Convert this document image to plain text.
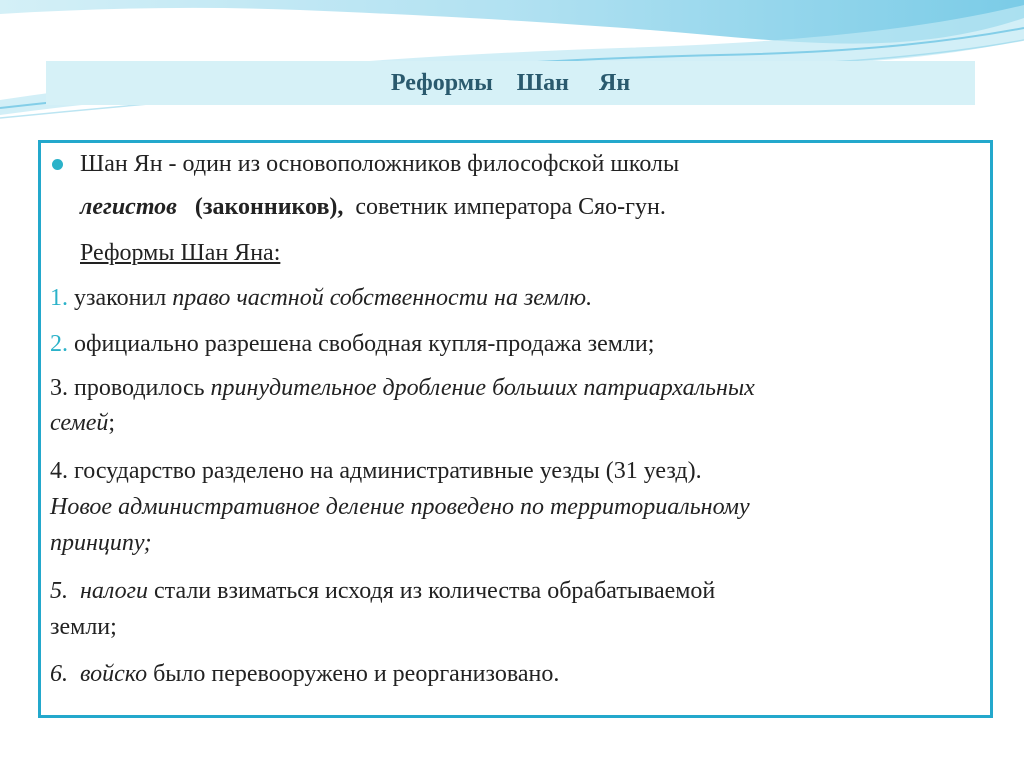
Реформы    Шан     Ян
Шан Ян - один из основоположников философской школы
легистов (законников), советник императора Сяо-гун.
Реформы Шан Яна:
1. узаконил право частной собственности на землю.
2. официально разрешена свободная купля-продажа земли;
3. проводилось принудительное дробление больших патриархальных
семей;
4. государство разделено на административные уезды (31 уезд).
Новое административное деление проведено по территориальному
принципу;
5. налоги стали взиматься исходя из количества обрабатываемой
земли;
6. войско было перевооружено и реорганизовано.
